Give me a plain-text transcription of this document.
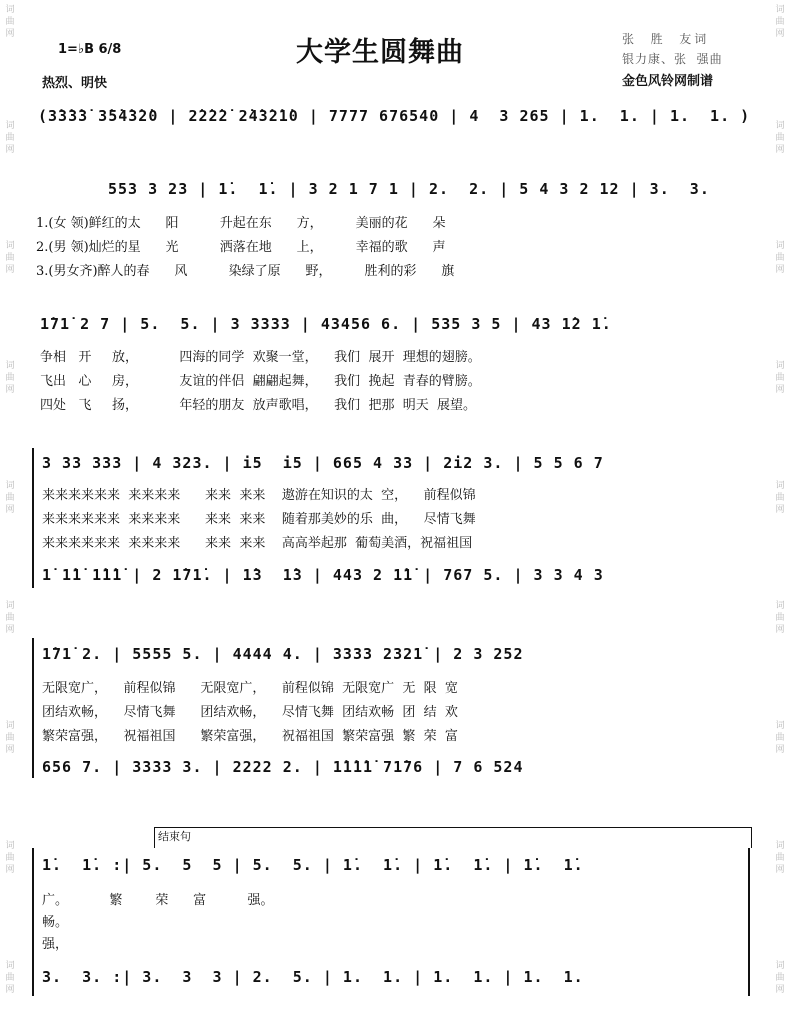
词
曲
网
词
曲
网
词
曲
网
词
曲
网
词
曲
网
词
曲
网
词
曲
网
词
曲
网
词
曲
网
词
曲
网
词
曲
网
词
曲
网
词
曲
网
词
曲
网
词
曲
网
词
曲
网
词
曲
网
词
曲
网
1=♭B 6/8
热烈、明快
大学生圆舞曲	张  胜  友词
银力康、张  强曲
金色风铃网制谱
(3̇3̇3̇3̇ 3̇5̇4̇3̇2̇0 | 2̇2̇2̇2̇ 2̇4̇3̇2̇1̇0 | 7777 676540 | 4  3 265 | 1.  1. | 1.  1. )
553 3 23 | 1̇.  1̇. | 3 2 1 7 1 | 2.  2. | 5 4 3 2 12 | 3.  3.
1.(女 领)鲜红的太      阳          升起在东      方，        美丽的花      朵
2.(男 领)灿烂的星      光          洒落在地      上，        幸福的歌      声
3.(男女齐)醉人的春      风          染绿了原      野，        胜利的彩      旗
1̇71̇ 2 7 | 5.  5. | 3 3333 | 43456 6. | 535 3 5 | 43 1̇2 1̇.
争相   开     放，          四海的同学  欢聚一堂，    我们  展开  理想的翅膀。
飞出   心     房，          友谊的伴侣  翩翩起舞，    我们  挽起  青春的臂膀。
四处   飞     扬，          年轻的朋友  放声歌唱，    我们  把那  明天  展望。
3 33 333 | 4 323. | i5  i5 | 665 4 33 | 2i2 3. | 5 5 6 7
来来来来来来  来来来来      来来  来来    遨游在知识的太  空，    前程似锦
来来来来来来  来来来来      来来  来来    随着那美妙的乐  曲，    尽情飞舞
来来来来来来  来来来来      来来  来来    高高举起那  葡萄美酒，祝福祖国
1̇ 1̇1̇ 1̇1̇1̇ | 2 1̇71̇. | 1̇3  1̇3 | 443 2 1̇1̇ | 767 5. | 3 3 4 3
1̇71̇ 2. | 5555 5. | 4444 4. | 3333 2321̇ | 2 3 252
无限宽广，    前程似锦      无限宽广，    前程似锦  无限宽广  无  限  宽
团结欢畅，    尽情飞舞      团结欢畅，    尽情飞舞  团结欢畅  团  结  欢
繁荣富强，    祝福祖国      繁荣富强，    祝福祖国  繁荣富强  繁  荣  富
656 7. | 3333 3. | 2222 2. | 1̇1̇1̇1̇ 71̇76 | 7 6 524
结束句
1̇.  1̇. :| 5.  5  5 | 5.  5. | 1̇.  1̇. | 1̇.  1̇. | 1̇.  1̇.
广。          繁        荣      富          强。
畅。
强，
3.  3. :| 3.  3  3 | 2.  5. | 1.  1. | 1.  1. | 1.  1.
